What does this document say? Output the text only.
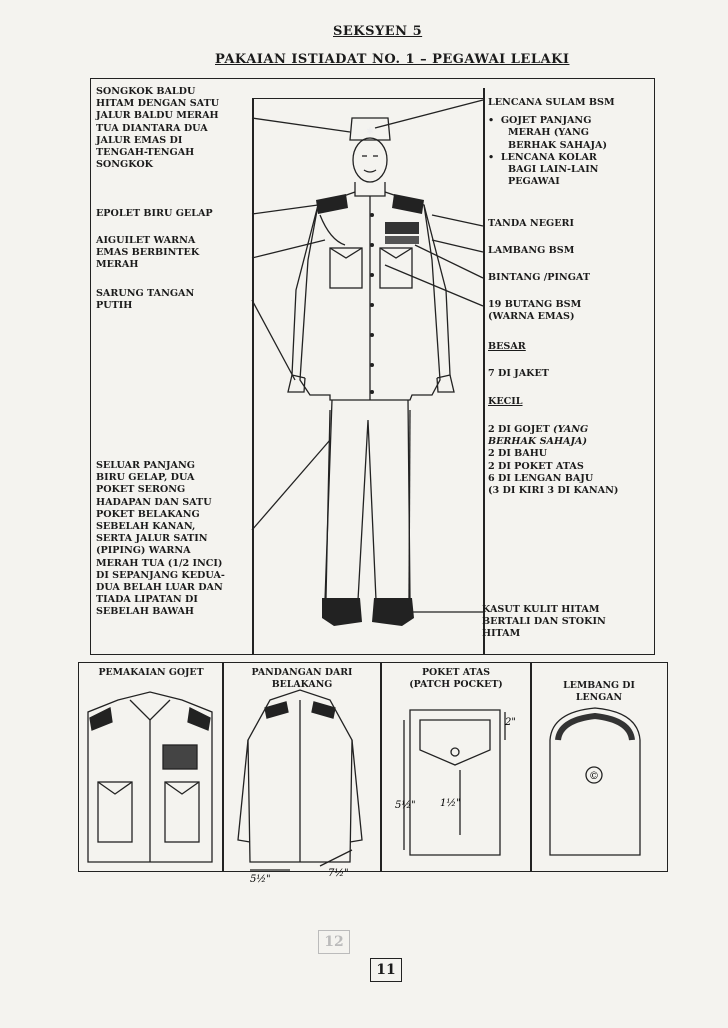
SEKSYEN 5
PAKAIAN ISTIADAT NO. 1 – PEGAWAI LELAKI
SONGKOK BALDU
HITAM DENGAN SATU
JALUR BALDU MERAH
TUA DIANTARA DUA
JALUR EMAS DI
TENGAH-TENGAH
SONGKOK
EPOLET BIRU GELAP
AIGUILET WARNA
EMAS BERBINTEK
MERAH
SARUNG TANGAN
PUTIH
SELUAR PANJANG
BIRU GELAP, DUA
POKET SERONG
HADAPAN DAN SATU
POKET BELAKANG
SEBELAH KANAN,
SERTA JALUR SATIN
(PIPING) WARNA
MERAH TUA (1/2 INCI)
DI SEPANJANG KEDUA-
DUA BELAH LUAR DAN
TIADA LIPATAN DI
SEBELAH BAWAH
LENCANA SULAM BSM
• GOJET PANJANG
MERAH (YANG
BERHAK SAHAJA)
• LENCANA KOLAR
BAGI LAIN-LAIN
PEGAWAI
TANDA NEGERI
LAMBANG BSM
BINTANG /PINGAT
19 BUTANG BSM
(WARNA EMAS)
BESAR
7 DI JAKET
KECIL
2 DI GOJET (YANG
BERHAK SAHAJA)
2 DI BAHU
2 DI POKET ATAS
6 DI LENGAN BAJU
(3 DI KIRI 3 DI KANAN)
KASUT KULIT HITAM
BERTALI DAN STOKIN
HITAM
✱
PEMAKAIAN GOJET	PANDANGAN DARI
BELAKANG
POKET ATAS
(PATCH POCKET)	LEMBANG DI
LENGAN
5½"
7½"
5½" 1½"
2"
©
BSM BSM
12
11
